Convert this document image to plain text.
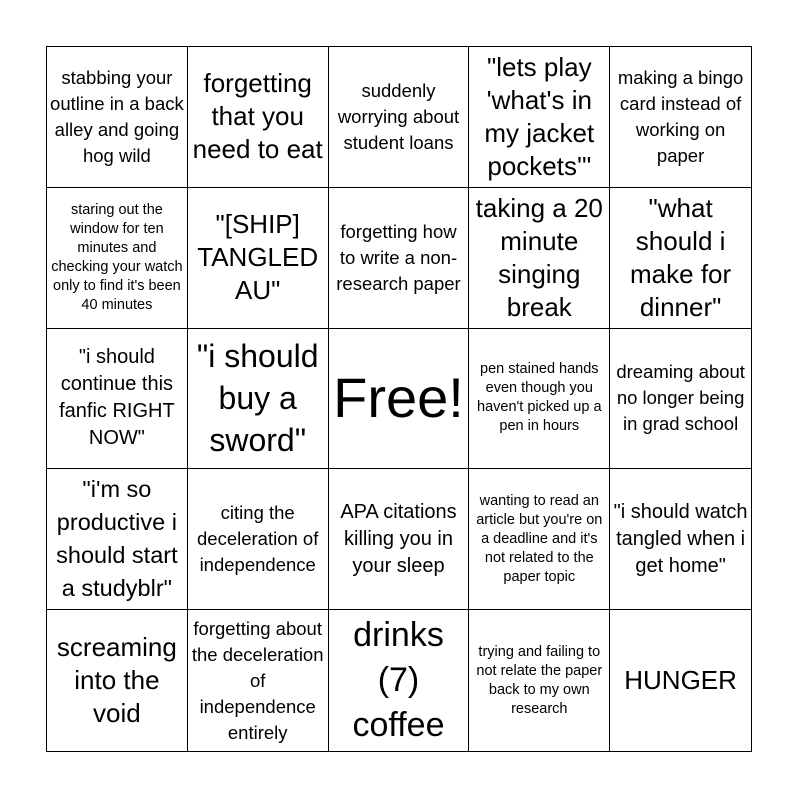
stabbing your outline in a back alley and going hog wild
forgetting that you need to eat
suddenly worrying about student loans
"lets play 'what's in my jacket pockets'"
making a bingo card instead of working on paper
staring out the window for ten minutes and checking your watch only to find it's been 40 minutes
"[SHIP] TANGLED AU"
forgetting how to write a non-research paper
taking a 20 minute singing break
"what should i make for dinner"
"i should continue this fanfic RIGHT NOW"
"i should buy a sword"
Free!	pen stained hands even though you haven't picked up a pen in hours
dreaming about no longer being in grad school
"i'm so productive i should start a studyblr"
citing the deceleration of independence
APA citations killing you in your sleep
wanting to read an article but you're on a deadline and it's not related to the paper topic
"i should watch tangled when i get home"
screaming into the void
forgetting about the deceleration of independence entirely
drinks (7) coffee
trying and failing to not relate the paper back to my own research
HUNGER
